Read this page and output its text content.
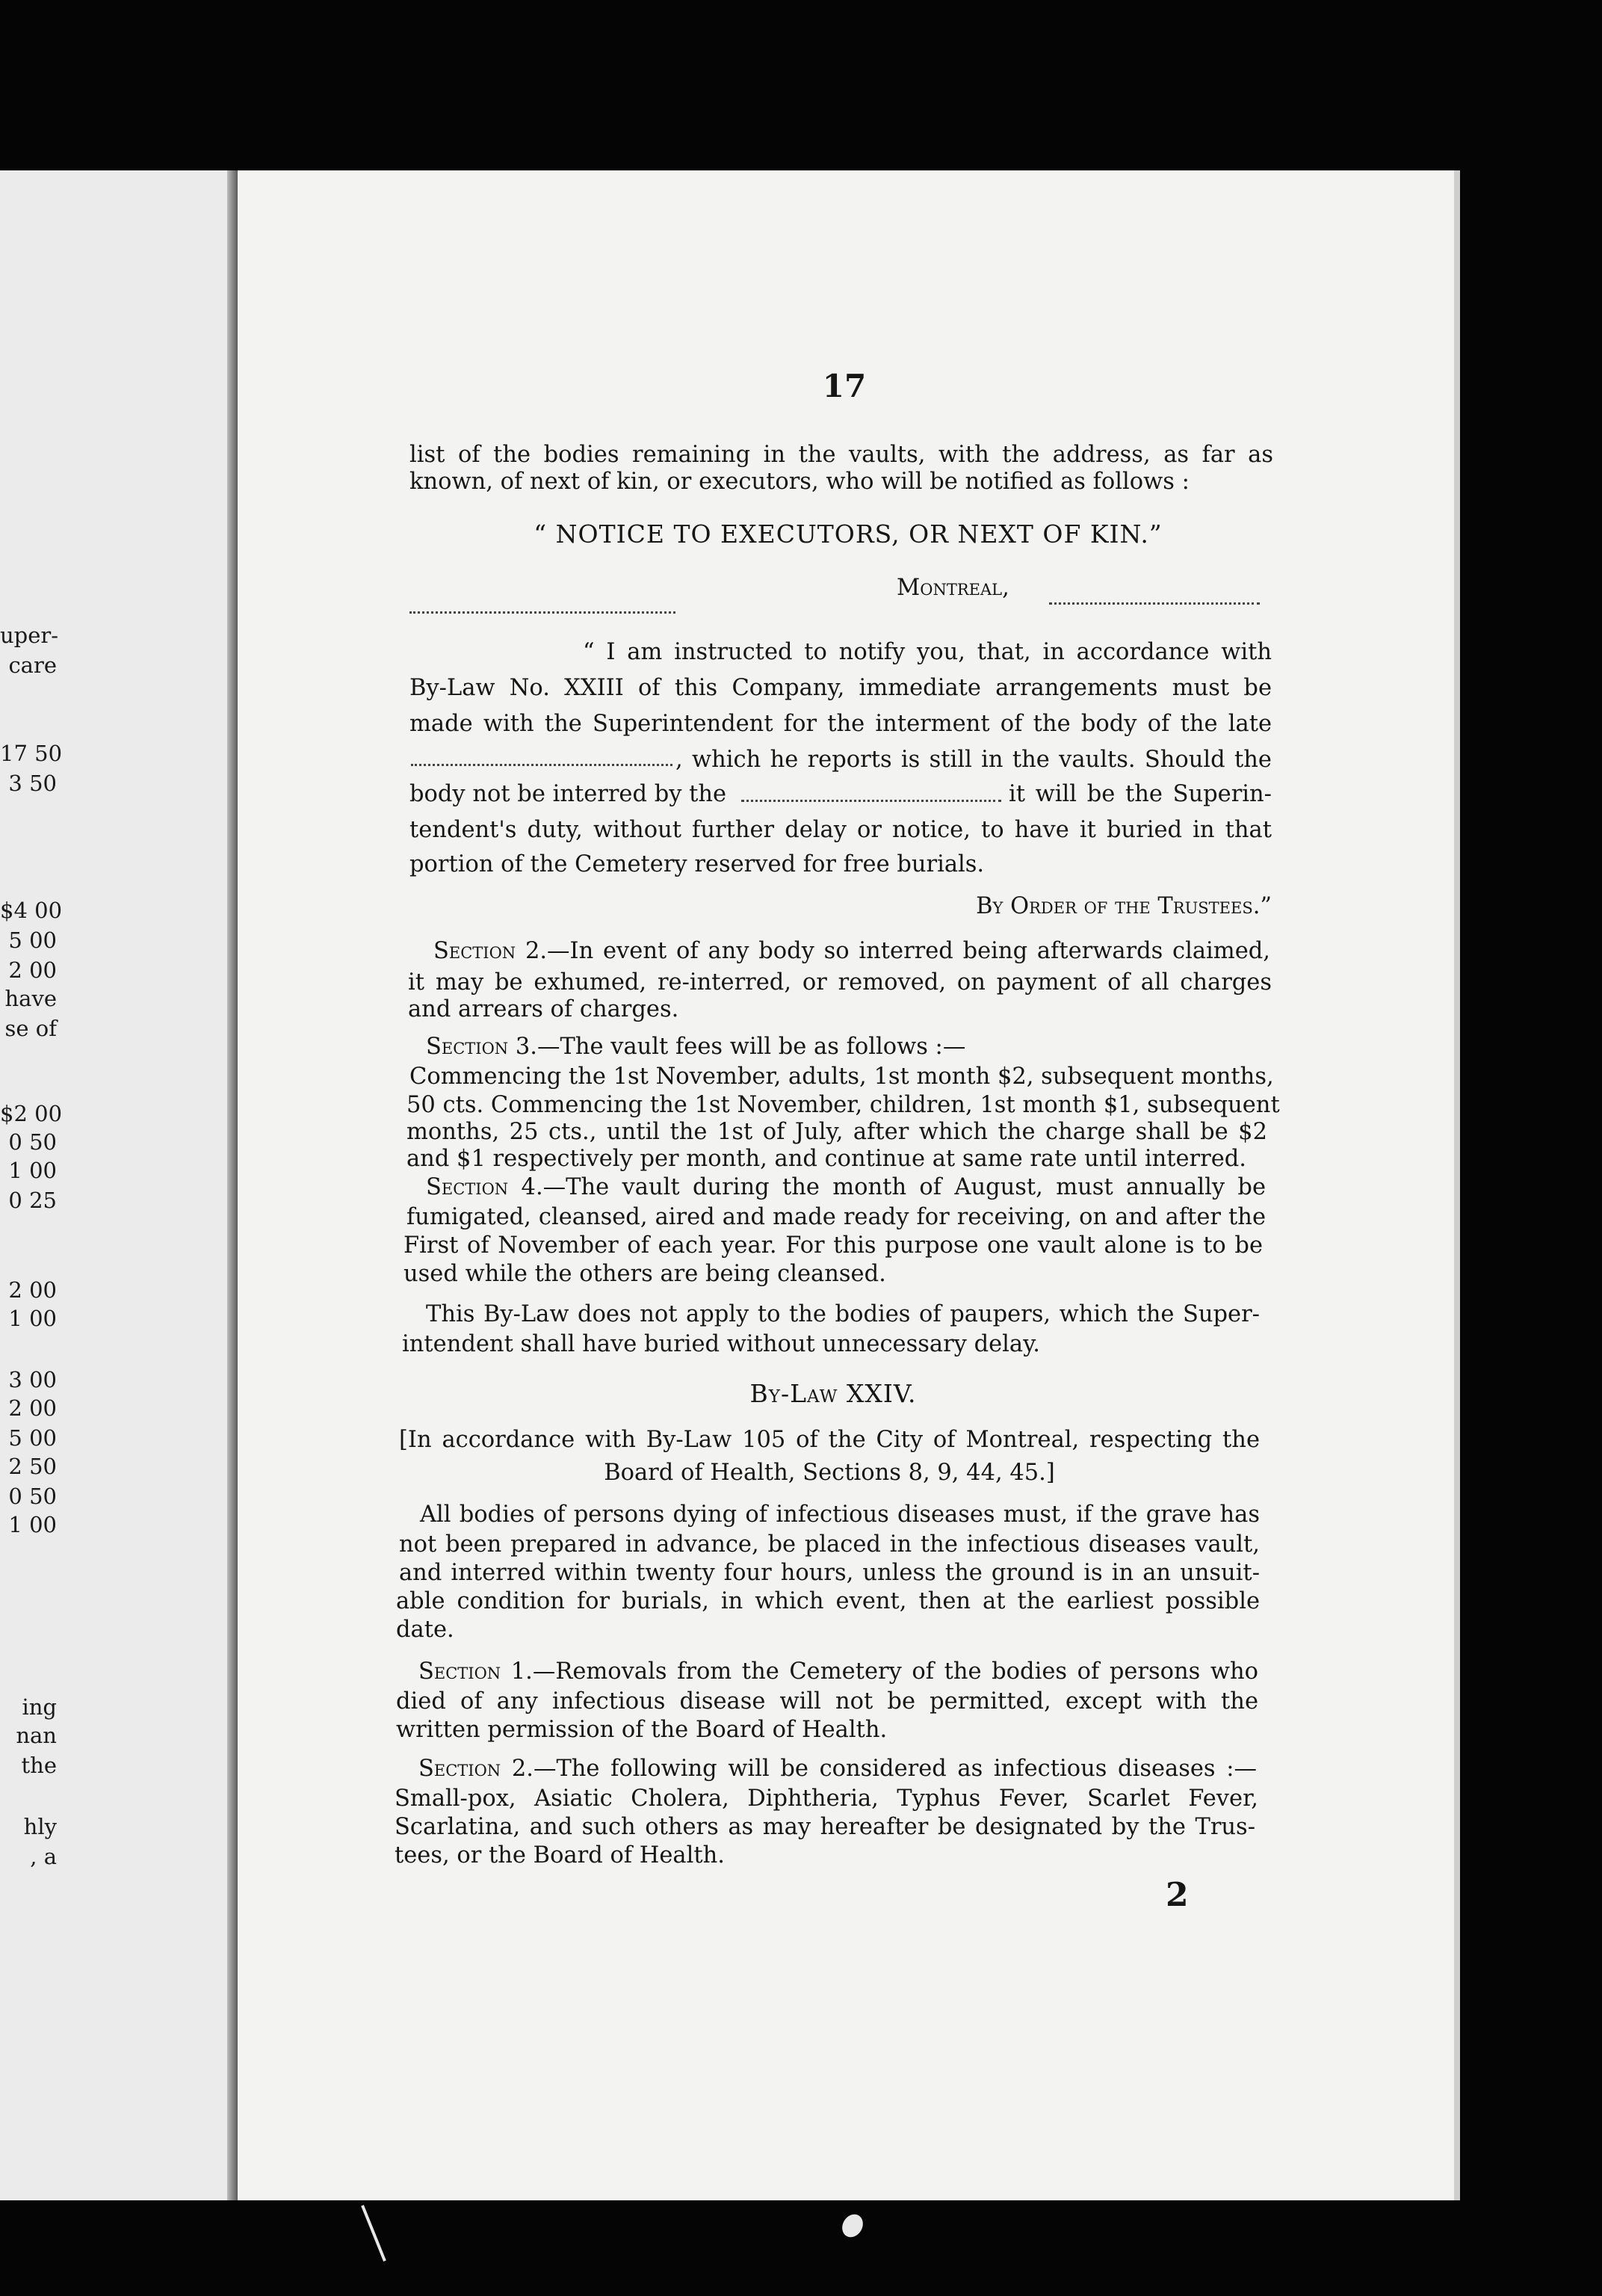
uper-
care
17 50
3 50
$4 00
5 00
2 00
have
se of
$2 00
0 50
1 00
0 25
2 00
1 00
3 00
2 00
5 00
2 50
0 50
1 00
ing
nan
the
hly
, a
17
list of the bodies remaining in the vaults, with the address, as far as
known, of next of kin, or executors, who will be notified as follows :
“ NOTICE TO EXECUTORS, OR NEXT OF KIN.”
Montreal,
“ I am instructed to notify you, that, in accordance with
By-Law No. XXIII of this Company, immediate arrangements must be
made with the Superintendent for the interment of the body of the late
, which he reports is still in the vaults. Should the
body not be interred by the	it will be the Superin-
tendent's duty, without further delay or notice, to have it buried in that
portion of the Cemetery reserved for free burials.
By Order of the Trustees.”
Section 2.—In event of any body so interred being afterwards claimed,
it may be exhumed, re-interred, or removed, on payment of all charges
and arrears of charges.
Section 3.—The vault fees will be as follows :—
Commencing the 1st November, adults, 1st month $2, subsequent months,
50 cts. Commencing the 1st November, children, 1st month $1, subsequent
months, 25 cts., until the 1st of July, after which the charge shall be $2
and $1 respectively per month, and continue at same rate until interred.
Section 4.—The vault during the month of August, must annually be
fumigated, cleansed, aired and made ready for receiving, on and after the
First of November of each year. For this purpose one vault alone is to be
used while the others are being cleansed.
This By-Law does not apply to the bodies of paupers, which the Super-
intendent shall have buried without unnecessary delay.
By-Law XXIV.
[In accordance with By-Law 105 of the City of Montreal, respecting the
Board of Health, Sections 8, 9, 44, 45.]
All bodies of persons dying of infectious diseases must, if the grave has
not been prepared in advance, be placed in the infectious diseases vault,
and interred within twenty four hours, unless the ground is in an unsuit-
able condition for burials, in which event, then at the earliest possible
date.
Section 1.—Removals from the Cemetery of the bodies of persons who
died of any infectious disease will not be permitted, except with the
written permission of the Board of Health.
Section 2.—The following will be considered as infectious diseases :—
Small-pox, Asiatic Cholera, Diphtheria, Typhus Fever, Scarlet Fever,
Scarlatina, and such others as may hereafter be designated by the Trus-
tees, or the Board of Health.
2
